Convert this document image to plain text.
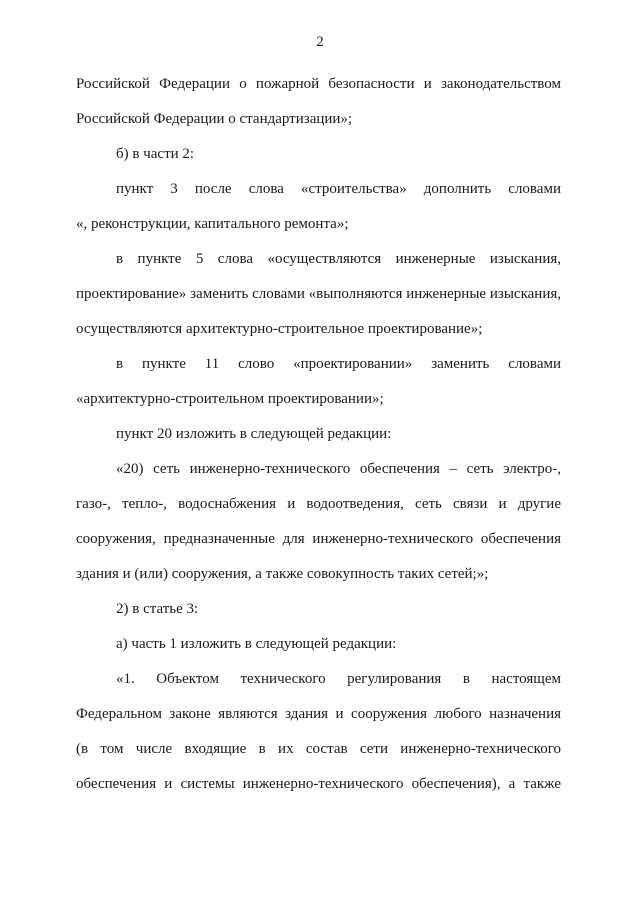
2
Российской Федерации о пожарной безопасности и законодательством
Российской Федерации о стандартизации»;
б) в части 2:
пункт 3 после слова «строительства» дополнить словами
«, реконструкции, капитального ремонта»;
в пункте 5 слова «осуществляются инженерные изыскания,
проектирование» заменить словами «выполняются инженерные изыскания,
осуществляются архитектурно-строительное проектирование»;
в пункте 11 слово «проектировании» заменить словами
«архитектурно-строительном проектировании»;
пункт 20 изложить в следующей редакции:
«20) сеть инженерно-технического обеспечения – сеть электро-,
газо-, тепло-, водоснабжения и водоотведения, сеть связи и другие
сооружения, предназначенные для инженерно-технического обеспечения
здания и (или) сооружения, а также совокупность таких сетей;»;
2) в статье 3:
а) часть 1 изложить в следующей редакции:
«1. Объектом технического регулирования в настоящем
Федеральном законе являются здания и сооружения любого назначения
(в том числе входящие в их состав сети инженерно-технического
обеспечения и системы инженерно-технического обеспечения), а также
